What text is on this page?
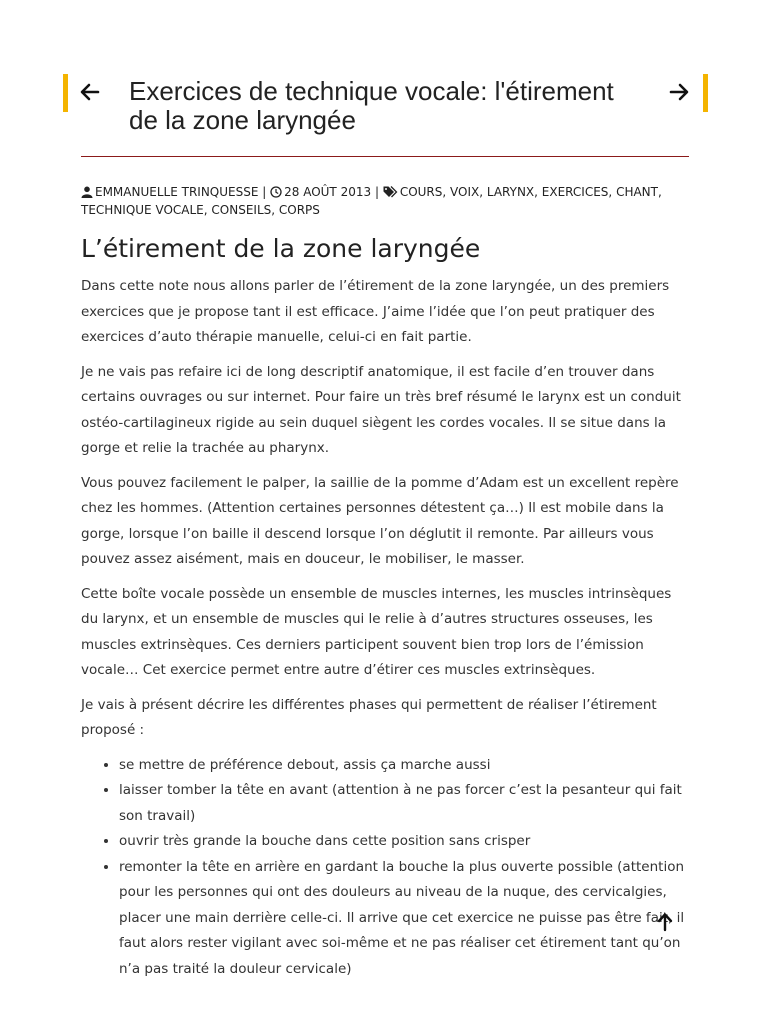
Exercices de technique vocale: l'étirement de la zone laryngée
EMMANUELLE TRINQUESSE | 28 AOÛT 2013 | COURS, VOIX, LARYNX, EXERCICES, CHANT,
TECHNIQUE VOCALE, CONSEILS, CORPS
L’étirement de la zone laryngée

Dans cette note nous allons parler de l’étirement de la zone laryngée, un des premiers exercices que je propose tant il est efficace. J’aime l’idée que l’on peut pratiquer des exercices d’auto thérapie manuelle, celui-ci en fait partie.

Je ne vais pas refaire ici de long descriptif anatomique, il est facile d’en trouver dans certains ouvrages ou sur internet. Pour faire un très bref résumé le larynx est un conduit ostéo-cartilagineux rigide au sein duquel siègent les cordes vocales. Il se situe dans la gorge et relie la trachée au pharynx.

Vous pouvez facilement le palper, la saillie de la pomme d’Adam est un excellent repère chez les hommes. (Attention certaines personnes détestent ça…) Il est mobile dans la gorge, lorsque l’on baille il descend lorsque l’on déglutit il remonte. Par ailleurs vous pouvez assez aisément, mais en douceur, le mobiliser, le masser.

Cette boîte vocale possède un ensemble de muscles internes, les muscles intrinsèques du larynx, et un ensemble de muscles qui le relie à d’autres structures osseuses, les muscles extrinsèques. Ces derniers participent souvent bien trop lors de l’émission vocale… Cet exercice permet entre autre d’étirer ces muscles extrinsèques.

Je vais à présent décrire les différentes phases qui permettent de réaliser l’étirement proposé :

• se mettre de préférence debout, assis ça marche aussi
• laisser tomber la tête en avant (attention à ne pas forcer c’est la pesanteur qui fait son travail)
• ouvrir très grande la bouche dans cette position sans crisper
• remonter la tête en arrière en gardant la bouche la plus ouverte possible (attention pour les personnes qui ont des douleurs au niveau de la nuque, des cervicalgies, placer une main derrière celle-ci. Il arrive que cet exercice ne puisse pas être fait, il faut alors rester vigilant avec soi-même et ne pas réaliser cet étirement tant qu’on n’a pas traité la douleur cervicale)
